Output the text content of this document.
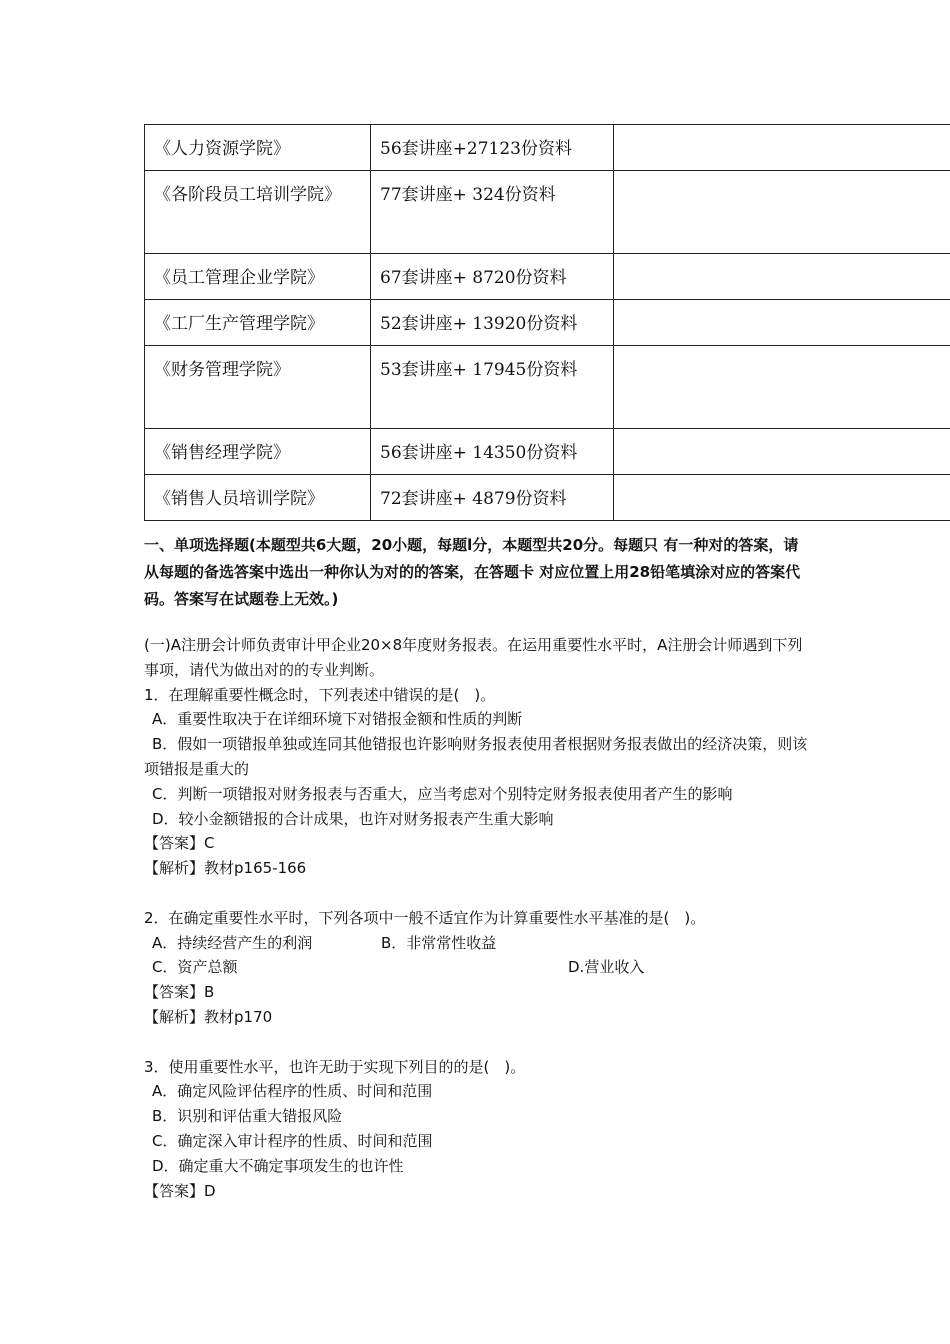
《人力资源学院》	56套讲座+27123份资料	
《各阶段员工培训学院》	77套讲座+ 324份资料	
《员工管理企业学院》	67套讲座+ 8720份资料	
《工厂生产管理学院》	52套讲座+ 13920份资料	
《财务管理学院》	53套讲座+ 17945份资料	
《销售经理学院》	56套讲座+ 14350份资料	
《销售人员培训学院》	72套讲座+ 4879份资料	

一、单项选择题(本题型共6大题，20小题，每题l分，本题型共20分。每题只 有一种对的答案，请从每题的备选答案中选出一种你认为对的的答案，在答题卡 对应位置上用28铅笔填涂对应的答案代码。答案写在试题卷上无效。)

(一)A注册会计师负责审计甲企业20×8年度财务报表。在运用重要性水平时，A注册会计师遇到下列事项，请代为做出对的的专业判断。

1．在理解重要性概念时，下列表述中错误的是(　)。

A．重要性取决于在详细环境下对错报金额和性质的判断

B．假如一项错报单独或连同其他错报也许影响财务报表使用者根据财务报表做出的经济决策，则该项错报是重大的

C．判断一项错报对财务报表与否重大，应当考虑对个别特定财务报表使用者产生的影响

D．较小金额错报的合计成果，也许对财务报表产生重大影响

【答案】C

【解析】教材p165-166

2．在确定重要性水平时，下列各项中一般不适宜作为计算重要性水平基准的是(　)。

A．持续经营产生的利润	B．非常常性收益
C．资产总额	D.营业收入

【答案】B

【解析】教材p170

3．使用重要性水平，也许无助于实现下列目的的是(　)。

A．确定风险评估程序的性质、时间和范围

B．识别和评估重大错报风险

C．确定深入审计程序的性质、时间和范围

D．确定重大不确定事项发生的也许性

【答案】D
